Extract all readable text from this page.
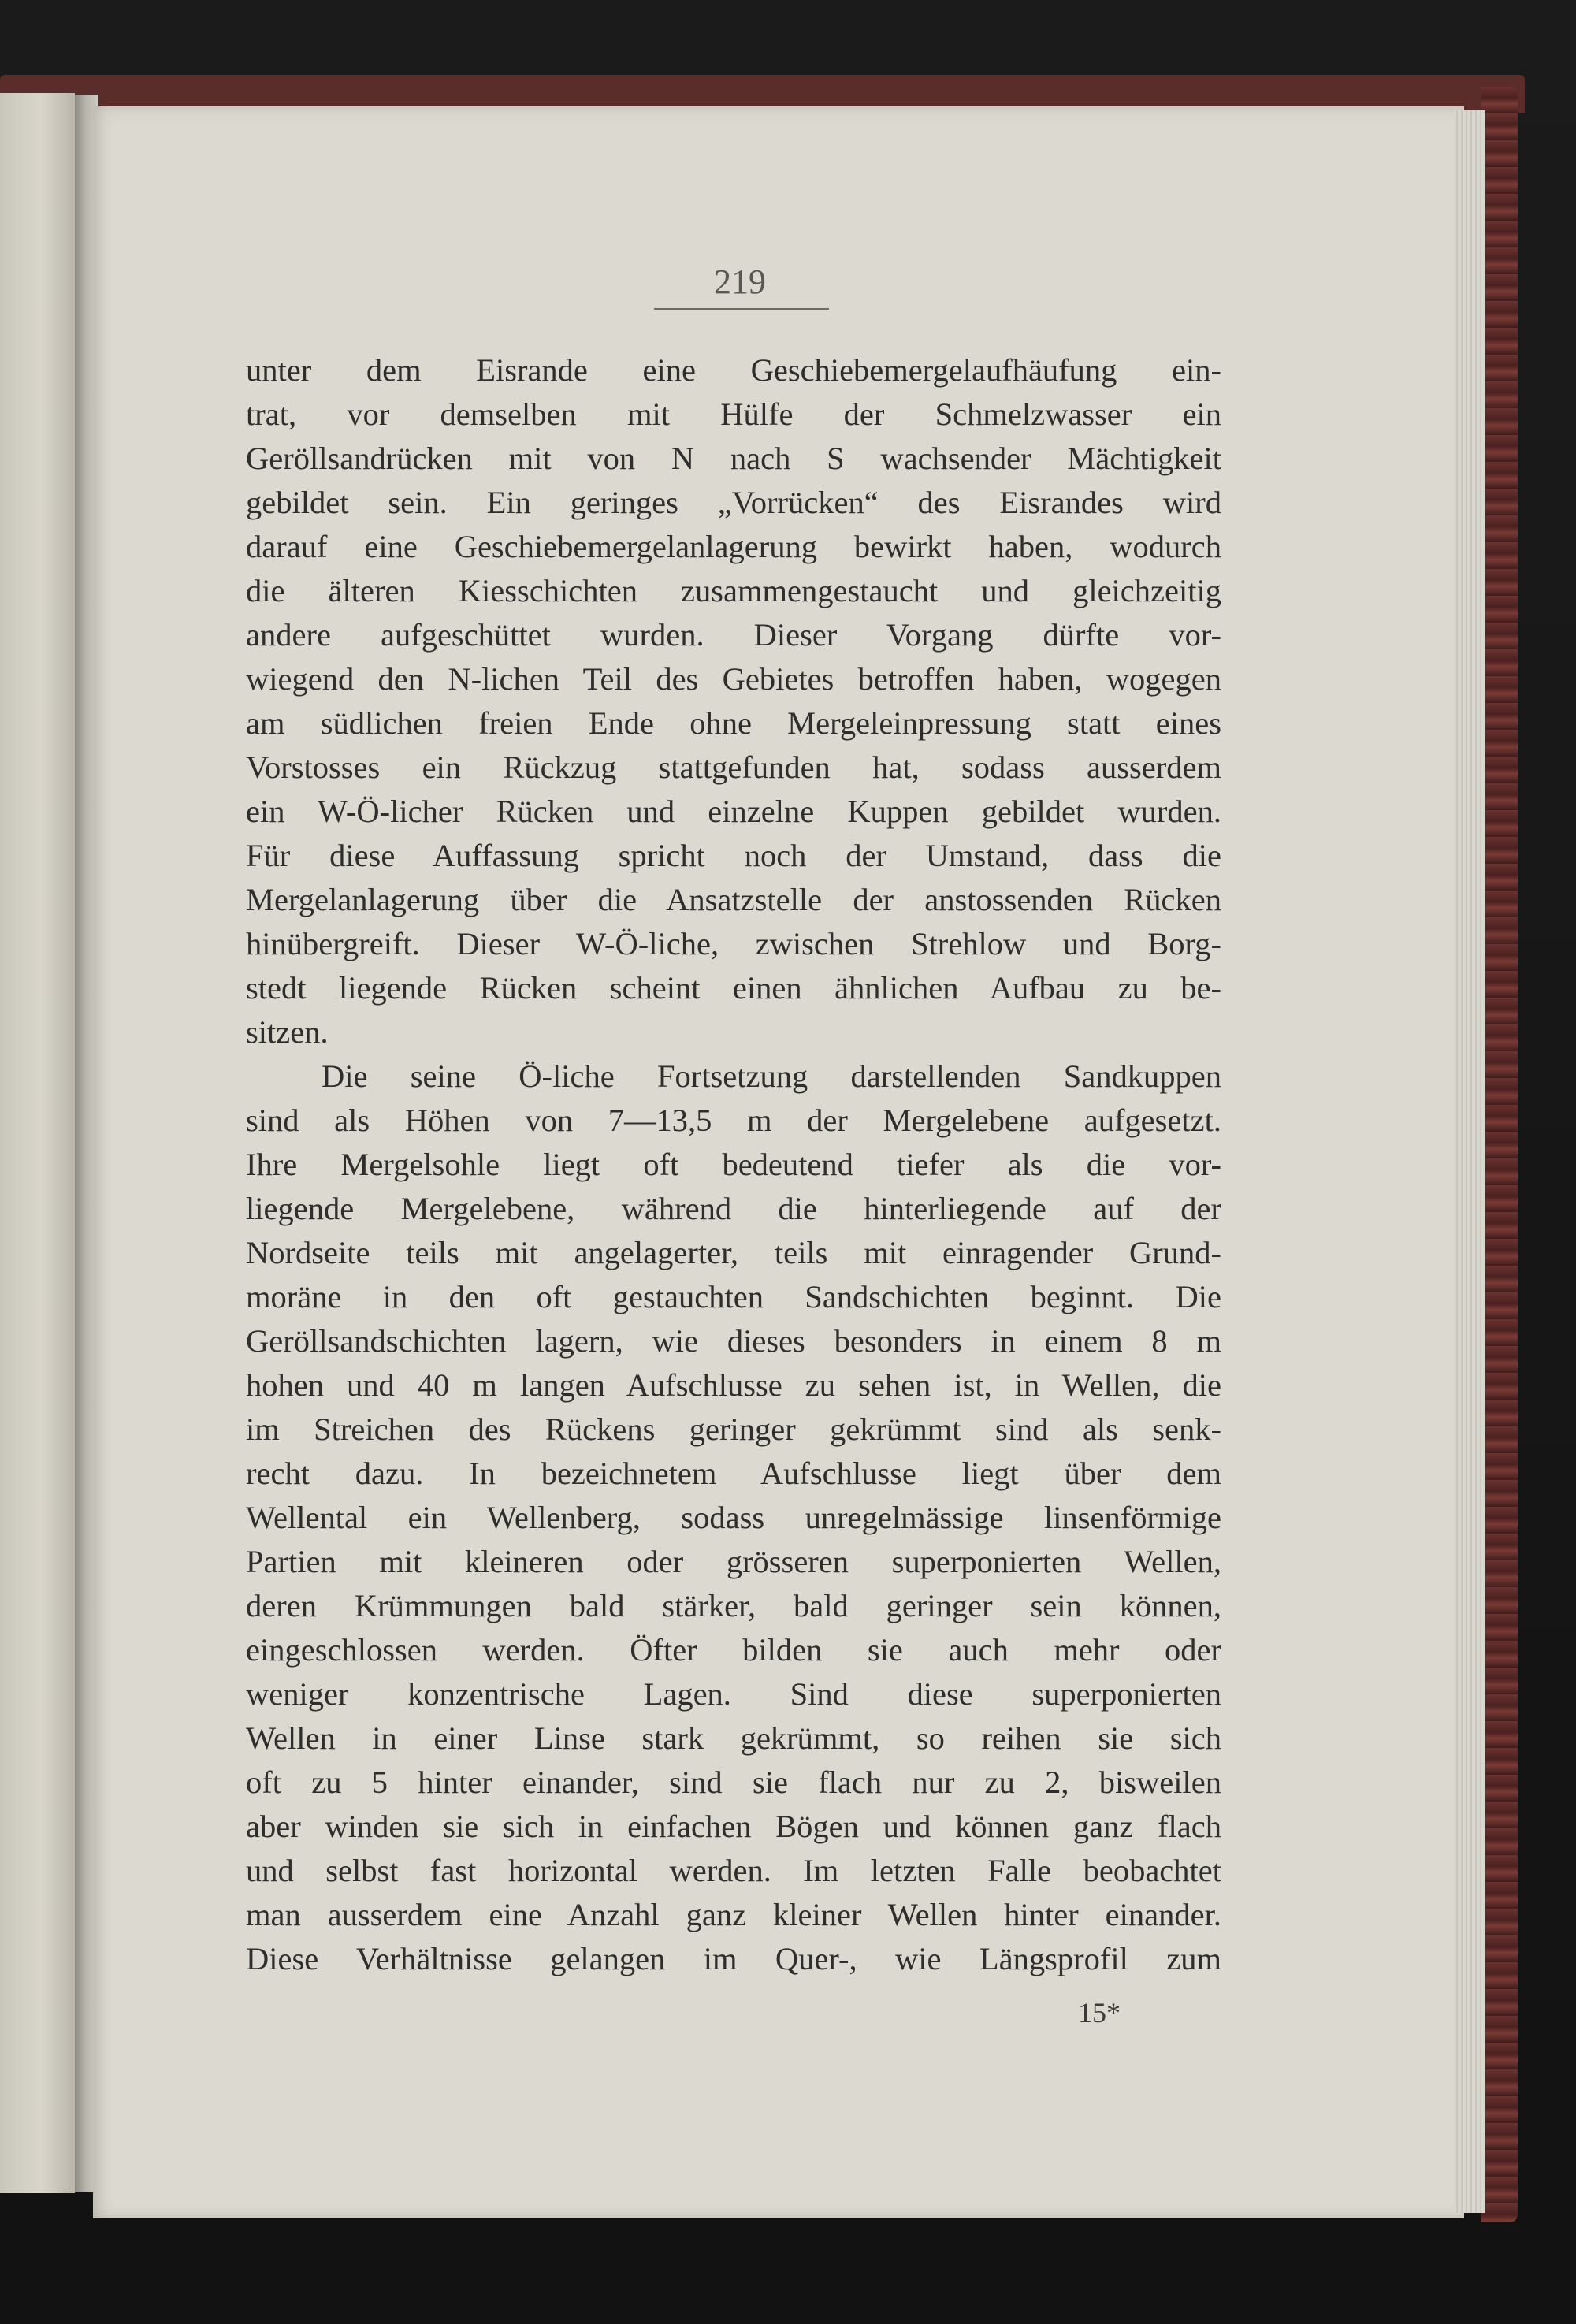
219
unter dem Eisrande eine Geschiebemergelaufhäufung ein-
trat, vor demselben mit Hülfe der Schmelzwasser ein
Geröllsandrücken mit von N nach S wachsender Mächtigkeit
gebildet sein. Ein geringes „Vorrücken“ des Eisrandes wird
darauf eine Geschiebemergelanlagerung bewirkt haben, wodurch
die älteren Kiesschichten zusammengestaucht und gleichzeitig
andere aufgeschüttet wurden. Dieser Vorgang dürfte vor-
wiegend den N-lichen Teil des Gebietes betroffen haben, wogegen
am südlichen freien Ende ohne Mergeleinpressung statt eines
Vorstosses ein Rückzug stattgefunden hat, sodass ausserdem
ein W-Ö-licher Rücken und einzelne Kuppen gebildet wurden.
Für diese Auffassung spricht noch der Umstand, dass die
Mergelanlagerung über die Ansatzstelle der anstossenden Rücken
hinübergreift. Dieser W-Ö-liche, zwischen Strehlow und Borg-
stedt liegende Rücken scheint einen ähnlichen Aufbau zu be-
sitzen.
Die seine Ö-liche Fortsetzung darstellenden Sandkuppen
sind als Höhen von 7—13,5 m der Mergelebene aufgesetzt.
Ihre Mergelsohle liegt oft bedeutend tiefer als die vor-
liegende Mergelebene, während die hinterliegende auf der
Nordseite teils mit angelagerter, teils mit einragender Grund-
moräne in den oft gestauchten Sandschichten beginnt. Die
Geröllsandschichten lagern, wie dieses besonders in einem 8 m
hohen und 40 m langen Aufschlusse zu sehen ist, in Wellen, die
im Streichen des Rückens geringer gekrümmt sind als senk-
recht dazu. In bezeichnetem Aufschlusse liegt über dem
Wellental ein Wellenberg, sodass unregelmässige linsenförmige
Partien mit kleineren oder grösseren superponierten Wellen,
deren Krümmungen bald stärker, bald geringer sein können,
eingeschlossen werden. Öfter bilden sie auch mehr oder
weniger konzentrische Lagen. Sind diese superponierten
Wellen in einer Linse stark gekrümmt, so reihen sie sich
oft zu 5 hinter einander, sind sie flach nur zu 2, bisweilen
aber winden sie sich in einfachen Bögen und können ganz flach
und selbst fast horizontal werden. Im letzten Falle beobachtet
man ausserdem eine Anzahl ganz kleiner Wellen hinter einander.
Diese Verhältnisse gelangen im Quer-, wie Längsprofil zum
15*
